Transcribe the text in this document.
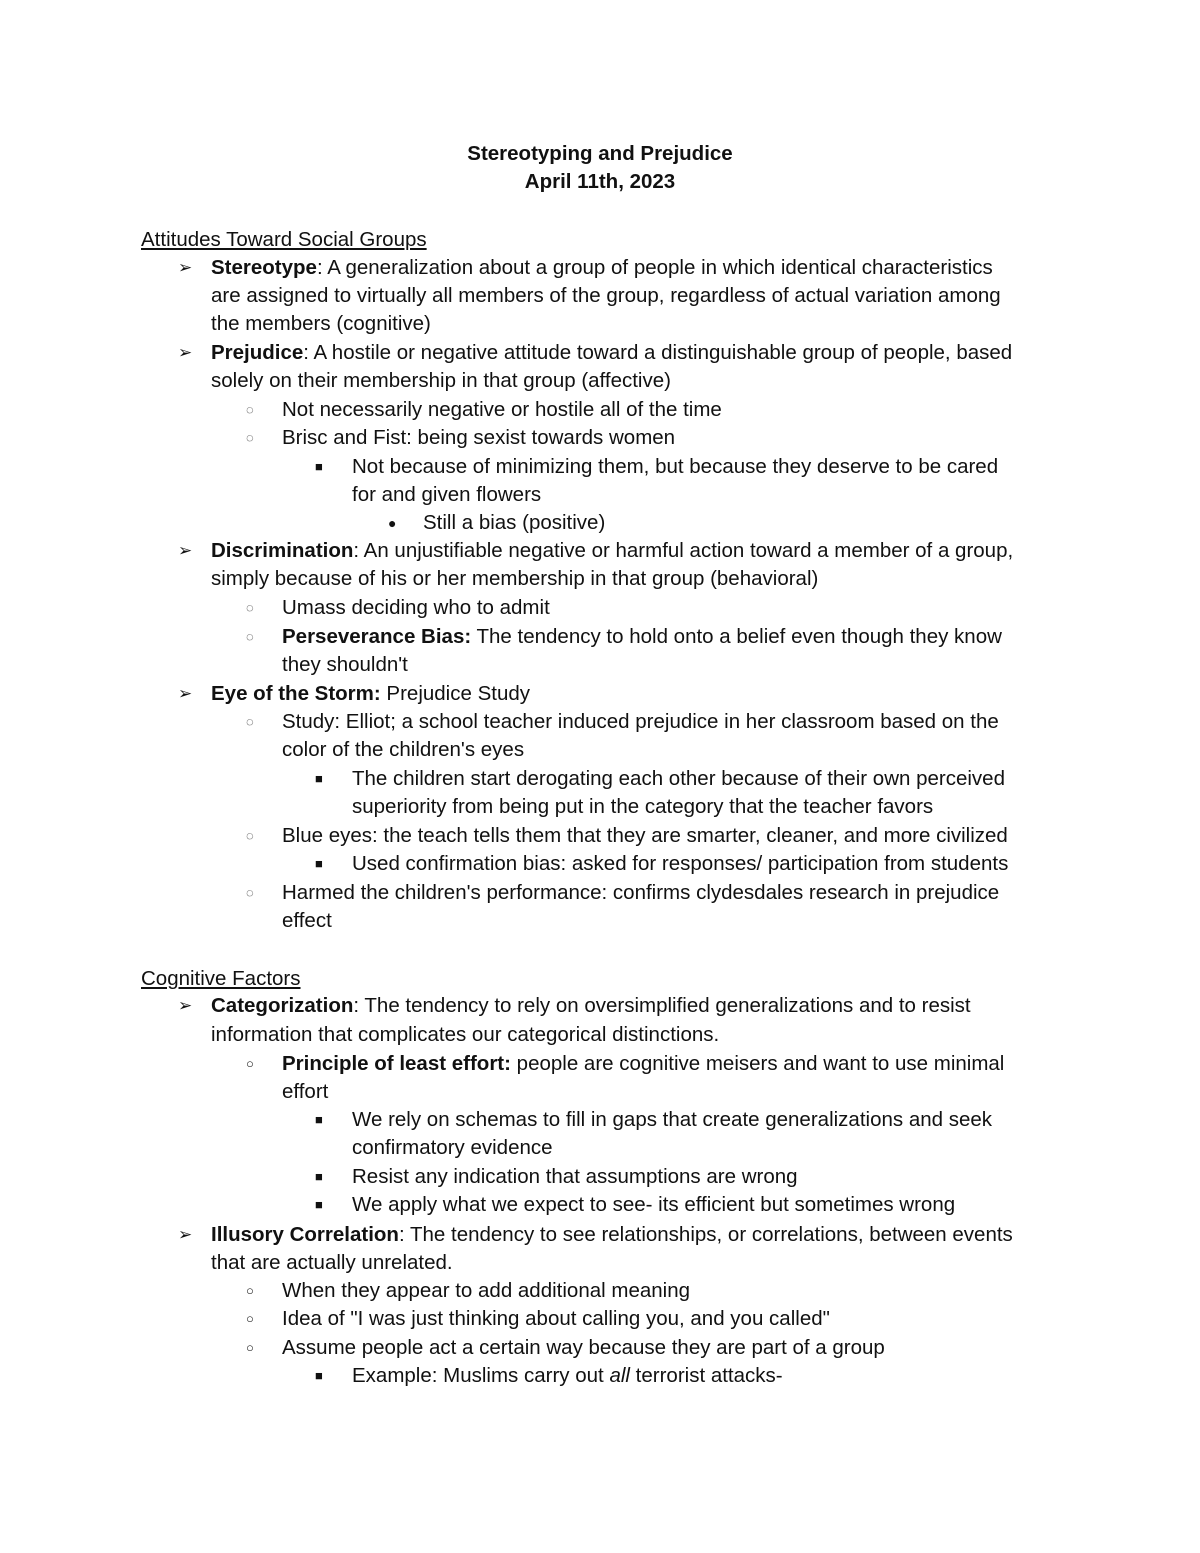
Stereotyping and Prejudice
April 11th, 2023
Attitudes Toward Social Groups
➢ Stereotype: A generalization about a group of people in which identical characteristics
are assigned to virtually all members of the group, regardless of actual variation among
the members (cognitive)
➢ Prejudice: A hostile or negative attitude toward a distinguishable group of people, based
solely on their membership in that group (affective)
◌ Not necessarily negative or hostile all of the time
◌ Brisc and Fist: being sexist towards women
■ Not because of minimizing them, but because they deserve to be cared
for and given flowers
● Still a bias (positive)
➢ Discrimination: An unjustifiable negative or harmful action toward a member of a group,
simply because of his or her membership in that group (behavioral)
◌ Umass deciding who to admit
◌ Perseverance Bias: The tendency to hold onto a belief even though they know
they shouldn't
➢ Eye of the Storm: Prejudice Study
◌ Study: Elliot; a school teacher induced prejudice in her classroom based on the
color of the children's eyes
■ The children start derogating each other because of their own perceived
superiority from being put in the category that the teacher favors
◌ Blue eyes: the teach tells them that they are smarter, cleaner, and more civilized
■ Used confirmation bias: asked for responses/ participation from students
◌ Harmed the children's performance: confirms clydesdales research in prejudice
effect
Cognitive Factors
➢ Categorization: The tendency to rely on oversimplified generalizations and to resist
information that complicates our categorical distinctions.
○ Principle of least effort: people are cognitive meisers and want to use minimal
effort
■ We rely on schemas to fill in gaps that create generalizations and seek
confirmatory evidence
■ Resist any indication that assumptions are wrong
■ We apply what we expect to see- its efficient but sometimes wrong
➢ Illusory Correlation: The tendency to see relationships, or correlations, between events
that are actually unrelated.
○ When they appear to add additional meaning
○ Idea of "I was just thinking about calling you, and you called"
○ Assume people act a certain way because they are part of a group
■ Example: Muslims carry out all terrorist attacks-
